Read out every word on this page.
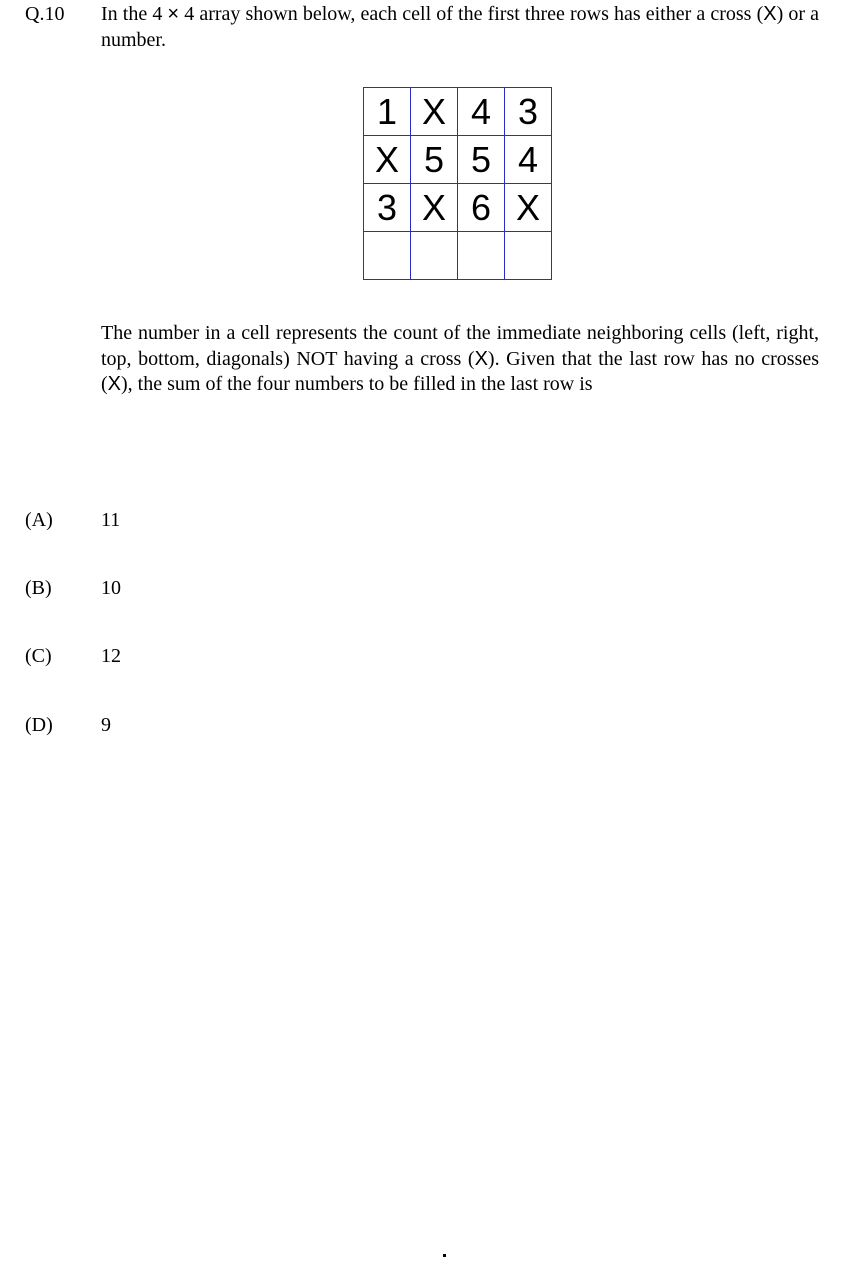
Q.10 In the 4 × 4 array shown below, each cell of the first three rows has either a cross (X) or a number.
1	X	4	3
X	5	5	4
3	X	6	X

The number in a cell represents the count of the immediate neighboring cells (left, right, top, bottom, diagonals) NOT having a cross (X). Given that the last row has no crosses (X), the sum of the four numbers to be filled in the last row is
(A) 11
(B) 10
(C) 12
(D) 9
